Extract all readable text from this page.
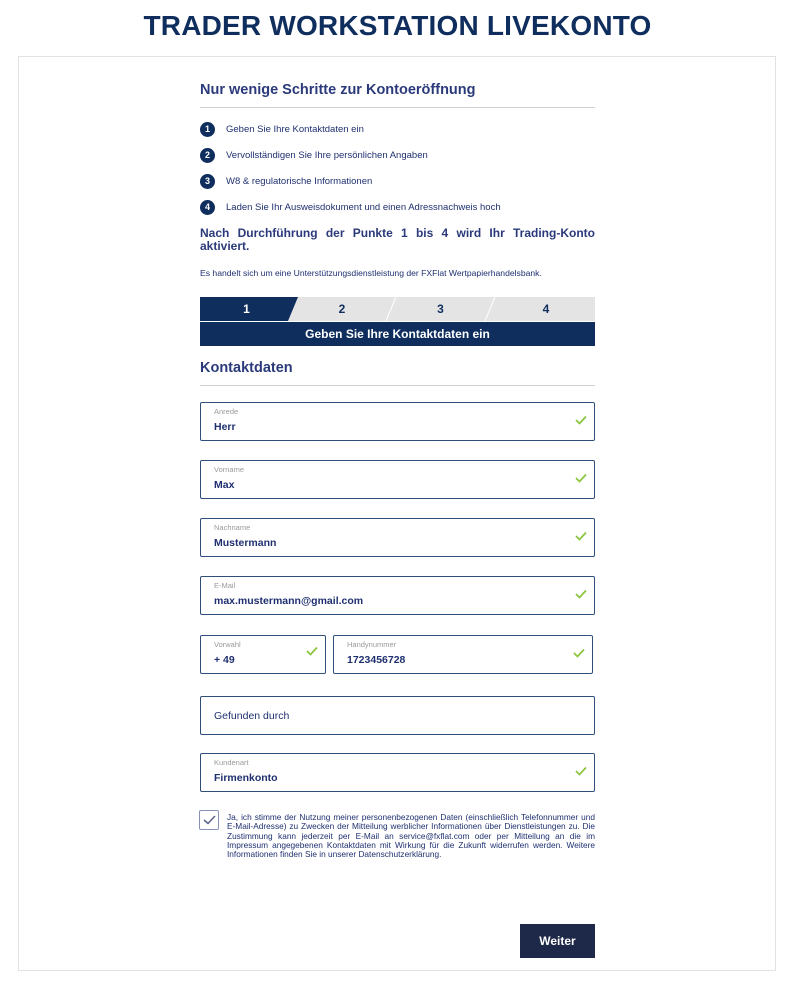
TRADER WORKSTATION LIVEKONTO
Nur wenige Schritte zur Kontoeröffnung
1	Geben Sie Ihre Kontaktdaten ein
2	Vervollständigen Sie Ihre persönlichen Angaben
3	W8 & regulatorische Informationen
4	Laden Sie Ihr Ausweisdokument und einen Adressnachweis hoch
Nach Durchführung der Punkte 1 bis 4 wird Ihr Trading-Konto aktiviert.
Es handelt sich um eine Unterstützungsdienstleistung der FXFlat Wertpapierhandelsbank.
1	2	3	4
Geben Sie Ihre Kontaktdaten ein
Kontaktdaten
Anrede
Herr
Vorname
Max
Nachname
Mustermann
E-Mail
max.mustermann@gmail.com
Vorwahl
+ 49
Handynummer
1723456728
Gefunden durch
Kundenart
Firmenkonto
Ja, ich stimme der Nutzung meiner personenbezogenen Daten (einschließlich Telefonnummer und E-Mail-Adresse) zu Zwecken der Mitteilung werblicher Informationen über Dienstleistungen zu. Die Zustimmung kann jederzeit per E-Mail an service@fxflat.com oder per Mitteilung an die im Impressum angegebenen Kontaktdaten mit Wirkung für die Zukunft widerrufen werden. Weitere Informationen finden Sie in unserer Datenschutzerklärung.
Weiter
